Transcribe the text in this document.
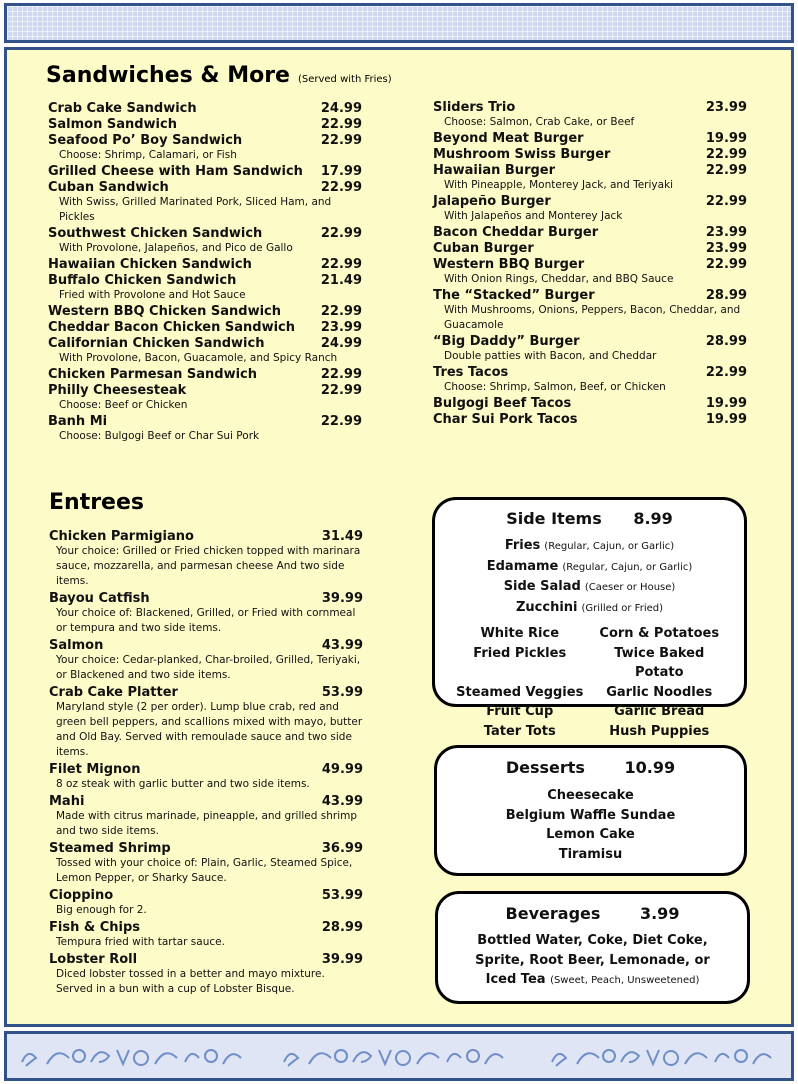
Sandwiches & More (Served with Fries)
Crab Cake Sandwich	24.99
Salmon Sandwich	22.99
Seafood Po’ Boy Sandwich	22.99
Choose: Shrimp, Calamari, or Fish
Grilled Cheese with Ham Sandwich 17.99
Cuban Sandwich	22.99
With Swiss, Grilled Marinated Pork, Sliced Ham, and Pickles
Southwest Chicken Sandwich	22.99
With Provolone, Jalapeños, and Pico de Gallo
Hawaiian Chicken Sandwich	22.99
Buffalo Chicken Sandwich	21.49
Fried with Provolone and Hot Sauce
Western BBQ Chicken Sandwich	22.99
Cheddar Bacon Chicken Sandwich 23.99
Californian Chicken Sandwich	24.99
With Provolone, Bacon, Guacamole, and Spicy Ranch
Chicken Parmesan Sandwich	22.99
Philly Cheesesteak	22.99
Choose: Beef or Chicken
Banh Mi	22.99
Choose: Bulgogi Beef or Char Sui Pork
Sliders Trio	23.99
Choose: Salmon, Crab Cake, or Beef
Beyond Meat Burger	19.99
Mushroom Swiss Burger	22.99
Hawaiian Burger	22.99
With Pineapple, Monterey Jack, and Teriyaki
Jalapeño Burger	22.99
With Jalapeños and Monterey Jack
Bacon Cheddar Burger	23.99
Cuban Burger	23.99
Western BBQ Burger	22.99
With Onion Rings, Cheddar, and BBQ Sauce
The “Stacked” Burger	28.99
With Mushrooms, Onions, Peppers, Bacon, Cheddar, and Guacamole
“Big Daddy” Burger	28.99
Double patties with Bacon, and Cheddar
Tres Tacos	22.99
Choose: Shrimp, Salmon, Beef, or Chicken
Bulgogi Beef Tacos	19.99
Char Sui Pork Tacos	19.99
Entrees
Chicken Parmigiano	31.49
Your choice: Grilled or Fried chicken topped with marinara sauce, mozzarella, and parmesan cheese And two side items.
Bayou Catfish	39.99
Your choice of: Blackened, Grilled, or Fried with cornmeal or tempura and two side items.
Salmon	43.99
Your choice: Cedar-planked, Char-broiled, Grilled, Teriyaki, or Blackened and two side items.
Crab Cake Platter	53.99
Maryland style (2 per order). Lump blue crab, red and green bell peppers, and scallions mixed with mayo, butter and Old Bay. Served with remoulade sauce and two side items.
Filet Mignon	49.99
8 oz steak with garlic butter and two side items.
Mahi	43.99
Made with citrus marinade, pineapple, and grilled shrimp and two side items.
Steamed Shrimp	36.99
Tossed with your choice of: Plain, Garlic, Steamed Spice, Lemon Pepper, or Sharky Sauce.
Cioppino	53.99
Big enough for 2.
Fish & Chips	28.99
Tempura fried with tartar sauce.
Lobster Roll	39.99
Diced lobster tossed in a better and mayo mixture. Served in a bun with a cup of Lobster Bisque.
Side Items 8.99
Fries (Regular, Cajun, or Garlic)
Edamame (Regular, Cajun, or Garlic)
Side Salad (Caeser or House)
Zucchini (Grilled or Fried)
White Rice	Corn & Potatoes
Fried Pickles	Twice Baked Potato
Steamed Veggies	Garlic Noodles
Fruit Cup	Garlic Bread
Tater Tots	Hush Puppies
Desserts 10.99
Cheesecake
Belgium Waffle Sundae
Lemon Cake
Tiramisu
Beverages 3.99
Bottled Water, Coke, Diet Coke,
Sprite, Root Beer, Lemonade, or
Iced Tea (Sweet, Peach, Unsweetened)
